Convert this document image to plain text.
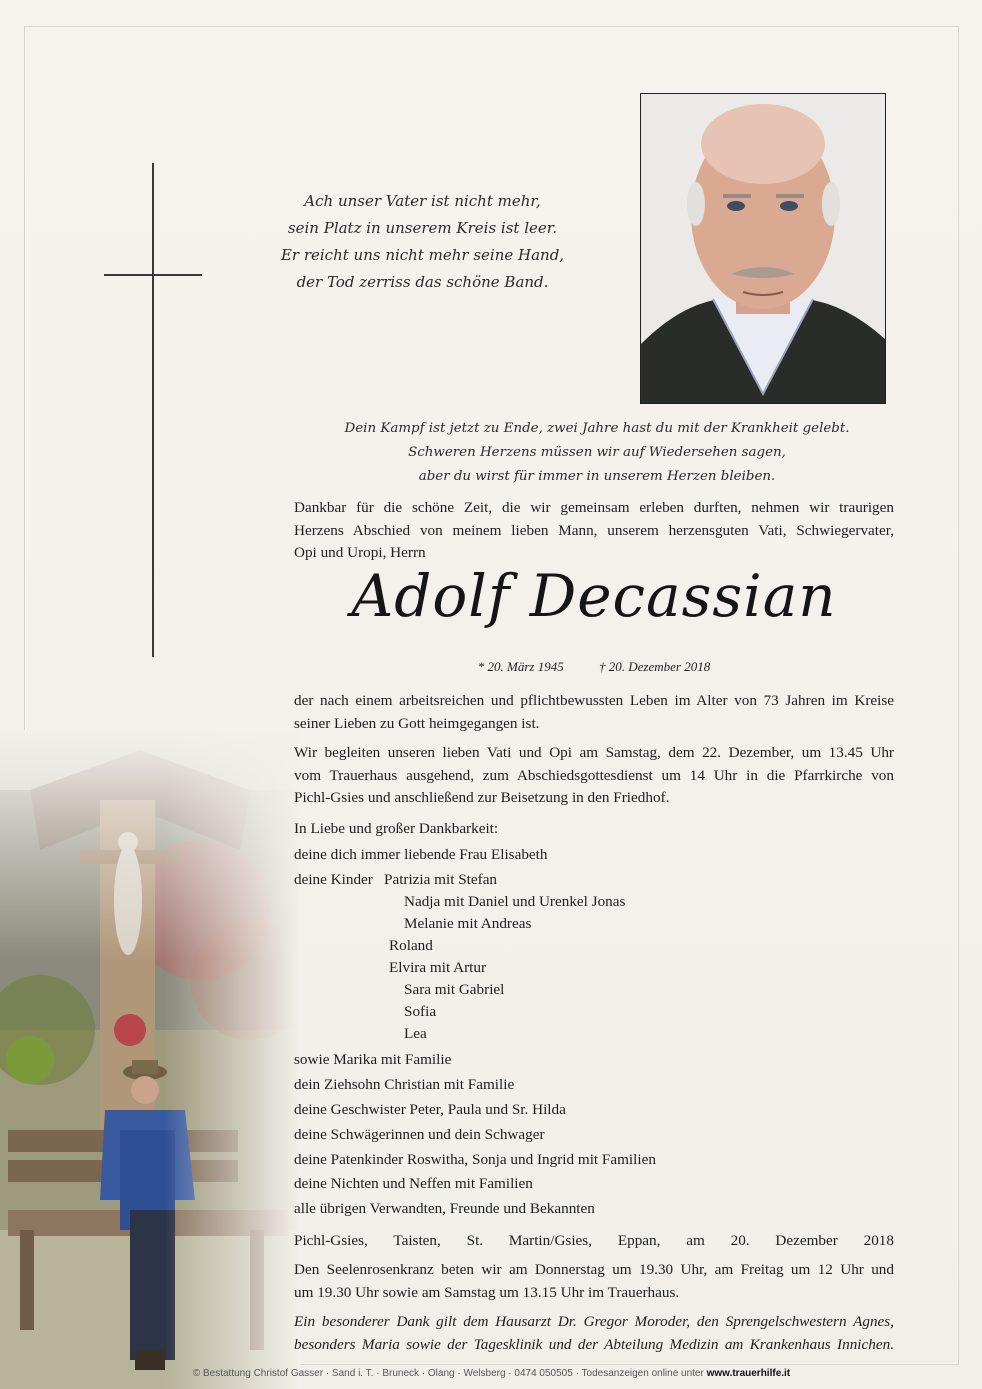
Ach unser Vater ist nicht mehr,
sein Platz in unserem Kreis ist leer.
Er reicht uns nicht mehr seine Hand,
der Tod zerriss das schöne Band.
Dein Kampf ist jetzt zu Ende, zwei Jahre hast du mit der Krankheit gelebt.
Schweren Herzens müssen wir auf Wiedersehen sagen,
aber du wirst für immer in unserem Herzen bleiben.
Dankbar für die schöne Zeit, die wir gemeinsam erleben durften, nehmen wir traurigen
Herzens Abschied von meinem lieben Mann, unserem herzensguten Vati, Schwiegervater,
Opi und Uropi, Herrn
Adolf Decassian
* 20. März 1945	† 20. Dezember 2018
der nach einem arbeitsreichen und pflichtbewussten Leben im Alter von 73 Jahren im Kreise
seiner Lieben zu Gott heimgegangen ist.
Wir begleiten unseren lieben Vati und Opi am Samstag, dem 22. Dezember, um 13.45 Uhr
vom Trauerhaus ausgehend, zum Abschiedsgottesdienst um 14 Uhr in die Pfarrkirche von
Pichl-Gsies und anschließend zur Beisetzung in den Friedhof.
In Liebe und großer Dankbarkeit:
deine dich immer liebende Frau Elisabeth
deine Kinder Patrizia mit Stefan
Nadja mit Daniel und Urenkel Jonas
Melanie mit Andreas
Roland
Elvira mit Artur
Sara mit Gabriel
Sofia
Lea
sowie Marika mit Familie
dein Ziehsohn Christian mit Familie
deine Geschwister Peter, Paula und Sr. Hilda
deine Schwägerinnen und dein Schwager
deine Patenkinder Roswitha, Sonja und Ingrid mit Familien
deine Nichten und Neffen mit Familien
alle übrigen Verwandten, Freunde und Bekannten
Pichl-Gsies, Taisten, St. Martin/Gsies, Eppan, am 20. Dezember 2018
Den Seelenrosenkranz beten wir am Donnerstag um 19.30 Uhr, am Freitag um 12 Uhr und
um 19.30 Uhr sowie am Samstag um 13.15 Uhr im Trauerhaus.
Ein besonderer Dank gilt dem Hausarzt Dr. Gregor Moroder, den Sprengelschwestern Agnes,
besonders Maria sowie der Tagesklinik und der Abteilung Medizin am Krankenhaus Innichen.
© Bestattung Christof Gasser · Sand i. T. · Bruneck · Olang · Welsberg · 0474 050505 · Todesanzeigen online unter www.trauerhilfe.it
